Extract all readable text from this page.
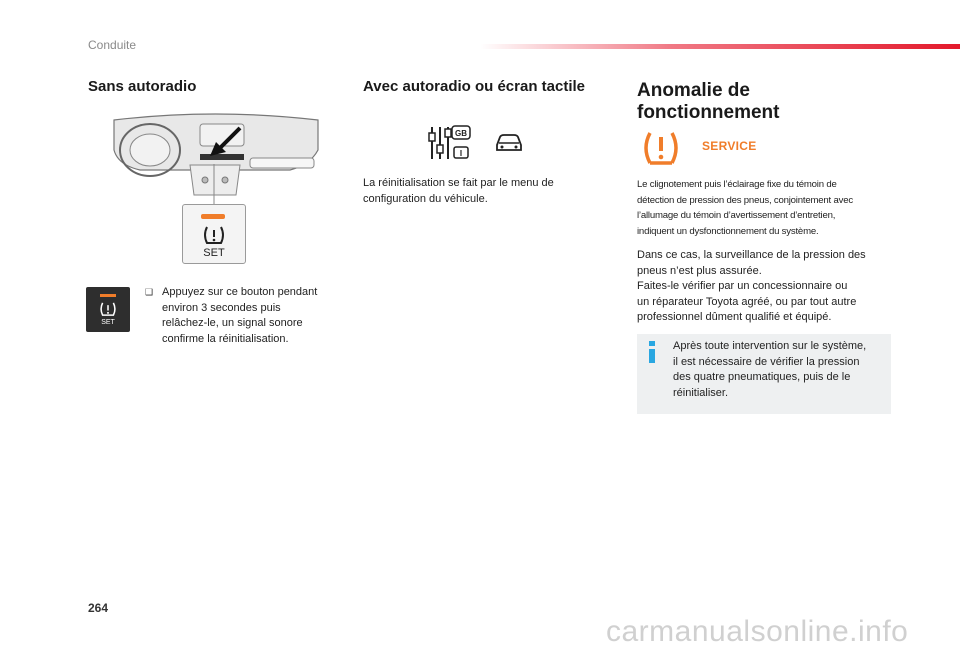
Conduite
Sans autoradio
SET
SET
❑ Appuyez sur ce bouton pendant
environ 3 secondes puis
relâchez-le, un signal sonore
confirme la réinitialisation.
Avec autoradio ou écran tactile
GB
I
La réinitialisation se fait par le menu de
configuration du véhicule.
Anomalie de
fonctionnement
SERVICE
Le clignotement puis l’éclairage fixe du témoin de
détection de pression des pneus, conjointement avec
l’allumage du témoin d’avertissement d’entretien,
indiquent un dysfonctionnement du système.
Dans ce cas, la surveillance de la pression des
pneus n’est plus assurée.
Faites-le vérifier par un concessionnaire ou
un réparateur Toyota agréé, ou par tout autre
professionnel dûment qualifié et équipé.
Après toute intervention sur le système,
il est nécessaire de vérifier la pression
des quatre pneumatiques, puis de le
réinitialiser.
264
carmanualsonline.info
